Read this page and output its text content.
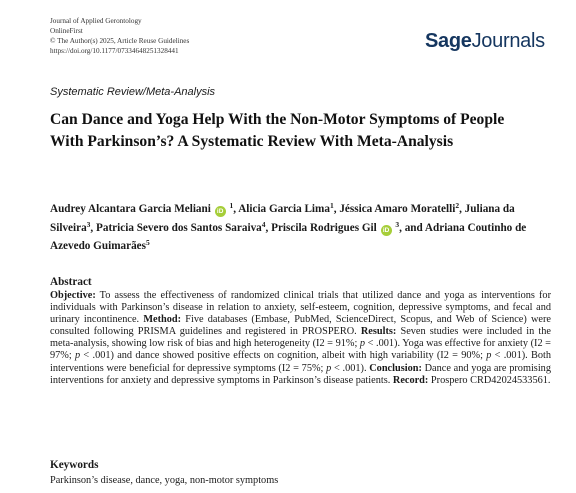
Journal of Applied Gerontology
OnlineFirst
© The Author(s) 2025, Article Reuse Guidelines
https://doi.org/10.1177/07334648251328441	SageJournals
Systematic Review/Meta-Analysis
Can Dance and Yoga Help With the Non-Motor Symptoms of People With Parkinson’s? A Systematic Review With Meta-Analysis
Audrey Alcantara Garcia Meliani iD $^1$, Alicia Garcia Lima$^1$, Jéssica Amaro Moratelli$^2$, Juliana da Silveira$^3$, Patricia Severo dos Santos Saraiva$^4$, Priscila Rodrigues Gil iD $^3$, and Adriana Coutinho de Azevedo Guimarães$^5$
Abstract
Objective: To assess the effectiveness of randomized clinical trials that utilized dance and yoga as interventions for individuals with Parkinson’s disease in relation to anxiety, self-esteem, cognition, depressive symptoms, and fecal and urinary incontinence. Method: Five databases (Embase, PubMed, ScienceDirect, Scopus, and Web of Science) were consulted following PRISMA guidelines and registered in PROSPERO. Results: Seven studies were included in the meta-analysis, showing low risk of bias and high heterogeneity (I2 = 91%; p < .001). Yoga was effective for anxiety (I2 = 97%; p < .001) and dance showed positive effects on cognition, albeit with high variability (I2 = 90%; p < .001). Both interventions were beneficial for depressive symptoms (I2 = 75%; p < .001). Conclusion: Dance and yoga are promising interventions for anxiety and depressive symptoms in Parkinson’s disease patients. Record: Prospero CRD42024533561.
Keywords
Parkinson’s disease, dance, yoga, non-motor symptoms
